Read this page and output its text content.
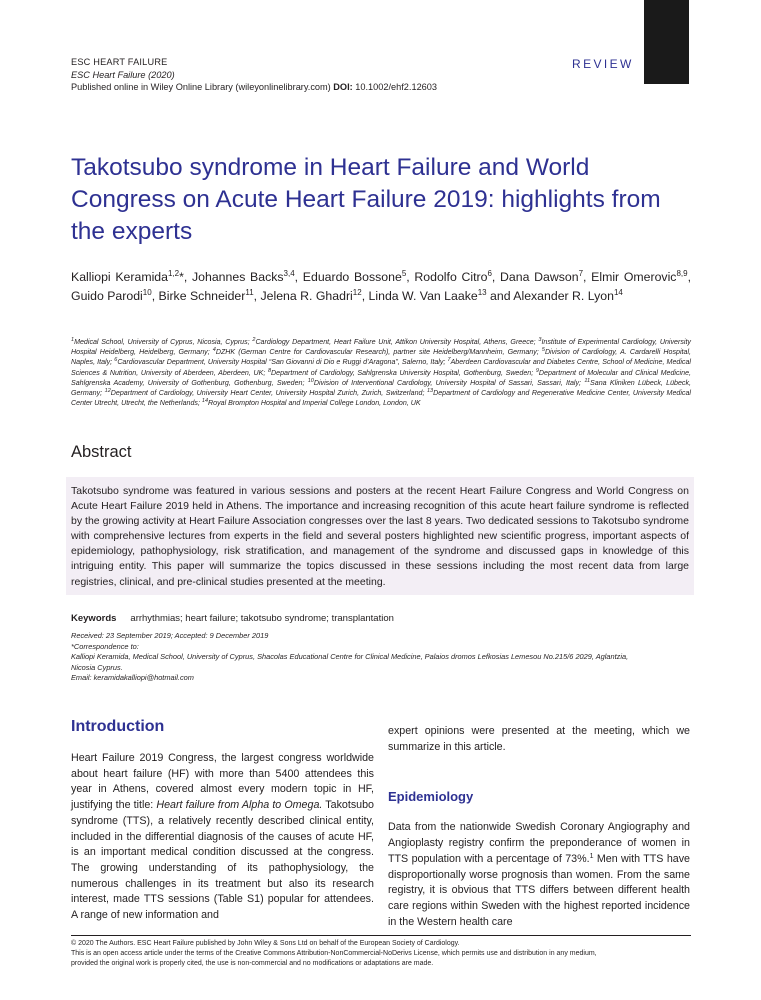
ESC HEART FAILURE
ESC Heart Failure (2020)
Published online in Wiley Online Library (wileyonlinelibrary.com) DOI: 10.1002/ehf2.12603
REVIEW
Takotsubo syndrome in Heart Failure and World Congress on Acute Heart Failure 2019: highlights from the experts
Kalliopi Keramida$^{1,2}$*, Johannes Backs$^{3,4}$, Eduardo Bossone$^5$, Rodolfo Citro$^6$, Dana Dawson$^7$, Elmir Omerovic$^{8,9}$, Guido Parodi$^{10}$, Birke Schneider$^{11}$, Jelena R. Ghadri$^{12}$, Linda W. Van Laake$^{13}$ and Alexander R. Lyon$^{14}$
$^1$Medical School, University of Cyprus, Nicosia, Cyprus; $^2$Cardiology Department, Heart Failure Unit, Attikon University Hospital, Athens, Greece; $^3$Institute of Experimental Cardiology, University Hospital Heidelberg, Heidelberg, Germany; $^4$DZHK (German Centre for Cardiovascular Research), partner site Heidelberg/Mannheim, Germany; $^5$Division of Cardiology, A. Cardarelli Hospital, Naples, Italy; $^6$Cardiovascular Department, University Hospital “San Giovanni di Dio e Ruggi d’Aragona”, Salerno, Italy; $^7$Aberdeen Cardiovascular and Diabetes Centre, School of Medicine, Medical Sciences & Nutrition, University of Aberdeen, Aberdeen, UK; $^8$Department of Cardiology, Sahlgrenska University Hospital, Gothenburg, Sweden; $^9$Department of Molecular and Clinical Medicine, Sahlgrenska Academy, University of Gothenburg, Gothenburg, Sweden; $^{10}$Division of Interventional Cardiology, University Hospital of Sassari, Sassari, Italy; $^{11}$Sana Kliniken Lübeck, Lübeck, Germany; $^{12}$Department of Cardiology, University Heart Center, University Hospital Zurich, Zurich, Switzerland; $^{13}$Department of Cardiology and Regenerative Medicine Center, University Medical Center Utrecht, Utrecht, the Netherlands; $^{14}$Royal Brompton Hospital and Imperial College London, London, UK
Abstract

Takotsubo syndrome was featured in various sessions and posters at the recent Heart Failure Congress and World Congress on Acute Heart Failure 2019 held in Athens. The importance and increasing recognition of this acute heart failure syndrome is reflected by the growing activity at Heart Failure Association congresses over the last 8 years. Two dedicated sessions to Takotsubo syndrome with comprehensive lectures from experts in the field and several posters highlighted new scientific progress, important aspects of epidemiology, pathophysiology, risk stratification, and management of the syndrome and discussed gaps in knowledge of this intriguing entity. This paper will summarize the topics discussed in these sessions including the most recent data from large registries, clinical, and pre-clinical studies presented at the meeting.

Keywords arrhythmias; heart failure; takotsubo syndrome; transplantation
Received: 23 September 2019; Accepted: 9 December 2019
*Correspondence to:
Kalliopi Keramida, Medical School, University of Cyprus, Shacolas Educational Centre for Clinical Medicine, Palaios dromos Lefkosias Lemesou No.215/6 2029, Aglantzia,
Nicosia Cyprus.
Email: keramidakalliopi@hotmail.com
Introduction

Heart Failure 2019 Congress, the largest congress worldwide about heart failure (HF) with more than 5400 attendees this year in Athens, covered almost every modern topic in HF, justifying the title: Heart failure from Alpha to Omega. Takotsubo syndrome (TTS), a relatively recently described clinical entity, included in the differential diagnosis of the causes of acute HF, is an important medical condition discussed at the congress. The growing understanding of its pathophysiology, the numerous challenges in its treatment but also its research interest, made TTS sessions (Table S1) popular for attendees. A range of new information and

expert opinions were presented at the meeting, which we summarize in this article.

Epidemiology

Data from the nationwide Swedish Coronary Angiography and Angioplasty registry confirm the preponderance of women in TTS population with a percentage of 73%.$^1$ Men with TTS have disproportionally worse prognosis than women. From the same registry, it is obvious that TTS differs between different health care regions within Sweden with the highest reported incidence in the Western health care

© 2020 The Authors. ESC Heart Failure published by John Wiley & Sons Ltd on behalf of the European Society of Cardiology.
This is an open access article under the terms of the Creative Commons Attribution-NonCommercial-NoDerivs License, which permits use and distribution in any medium,
provided the original work is properly cited, the use is non-commercial and no modifications or adaptations are made.
